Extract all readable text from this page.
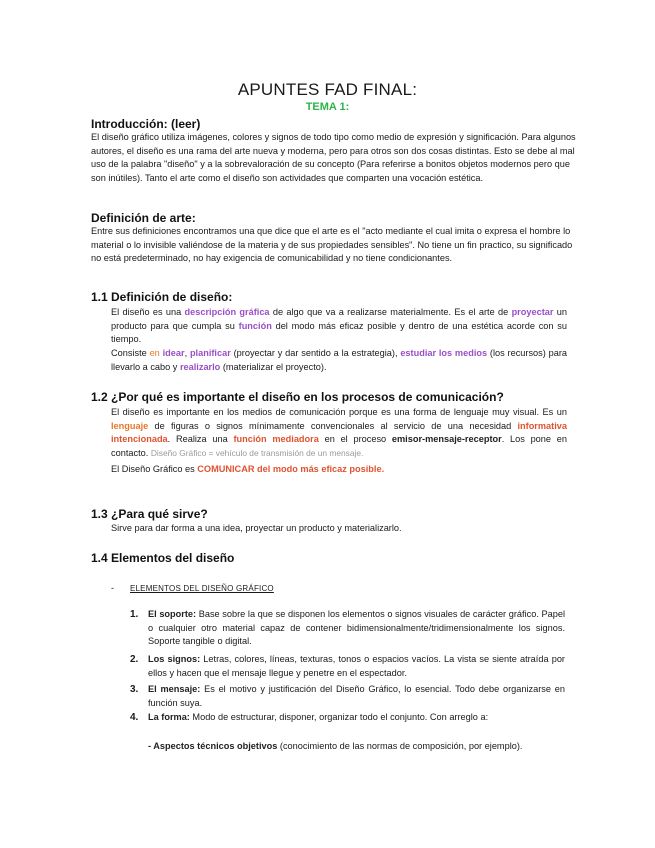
APUNTES FAD FINAL:
TEMA 1:
Introducción: (leer)
El diseño gráfico utiliza imágenes, colores y signos de todo tipo como medio de expresión y significación. Para algunos autores, el diseño es una rama del arte nueva y moderna, pero para otros son dos cosas distintas. Esto se debe al mal uso de la palabra "diseño" y a la sobrevaloración de su concepto (Para referirse a bonitos objetos modernos pero que son inútiles). Tanto el arte como el diseño son actividades que comparten una vocación estética.
Definición de arte:
Entre sus definiciones encontramos una que dice que el arte es el "acto mediante el cual imita o expresa el hombre lo material o lo invisible valiéndose de la materia y de sus propiedades sensibles". No tiene un fin practico, su significado no está predeterminado, no hay exigencia de comunicabilidad y no tiene condicionantes.
1.1 Definición de diseño:
El diseño es una descripción gráfica de algo que va a realizarse materialmente. Es el arte de proyectar un producto para que cumpla su función del modo más eficaz posible y dentro de una estética acorde con su tiempo.
Consiste en idear, planificar (proyectar y dar sentido a la estrategia), estudiar los medios (los recursos) para llevarlo a cabo y realizarlo (materializar el proyecto).
1.2 ¿Por qué es importante el diseño en los procesos de comunicación?
El diseño es importante en los medios de comunicación porque es una forma de lenguaje muy visual. Es un lenguaje de figuras o signos mínimamente convencionales al servicio de una necesidad informativa intencionada. Realiza una función mediadora en el proceso emisor-mensaje-receptor. Los pone en contacto. Diseño Gráfico = vehículo de transmisión de un mensaje.
El Diseño Gráfico es COMUNICAR del modo más eficaz posible.
1.3 ¿Para qué sirve?
Sirve para dar forma a una idea, proyectar un producto y materializarlo.
1.4 Elementos del diseño
- ELEMENTOS DEL DISEÑO GRÁFICO
1. El soporte: Base sobre la que se disponen los elementos o signos visuales de carácter gráfico. Papel o cualquier otro material capaz de contener bidimensionalmente/tridimensionalmente los signos. Soporte tangible o digital.
2. Los signos: Letras, colores, líneas, texturas, tonos o espacios vacíos. La vista se siente atraída por ellos y hacen que el mensaje llegue y penetre en el espectador.
3. El mensaje: Es el motivo y justificación del Diseño Gráfico, lo esencial. Todo debe organizarse en función suya.
4. La forma: Modo de estructurar, disponer, organizar todo el conjunto. Con arreglo a:
- Aspectos técnicos objetivos (conocimiento de las normas de composición, por ejemplo).
